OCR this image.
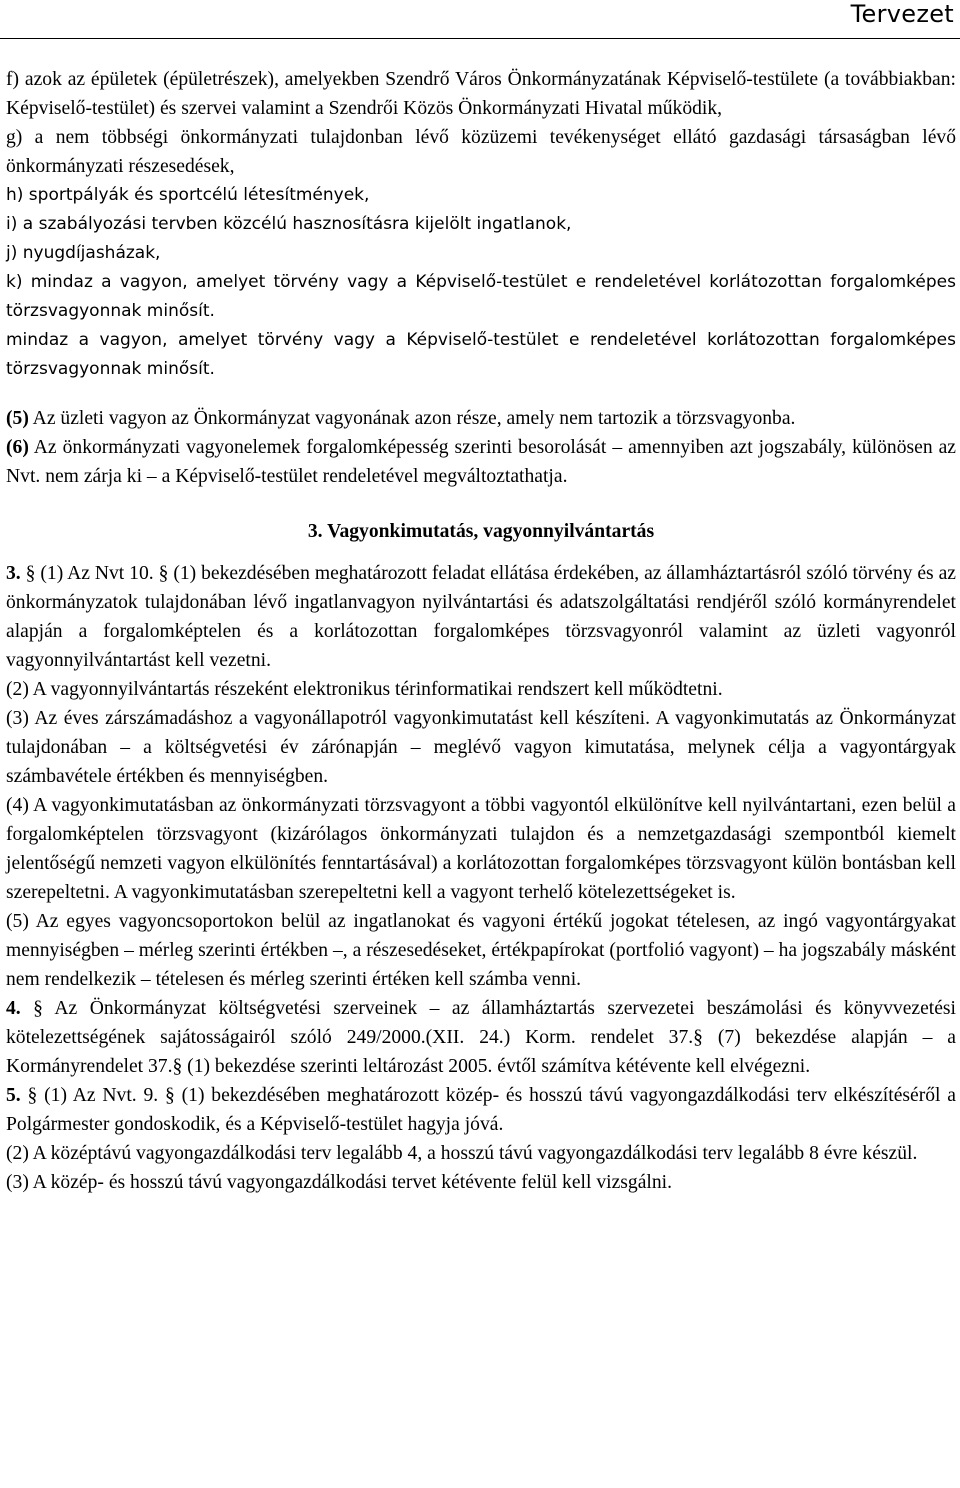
Tervezet

f) azok az épületek (épületrészek), amelyekben Szendrő Város Önkormányzatának Képviselő-testülete (a továbbiakban: Képviselő-testület) és szervei valamint a Szendrői Közös Önkormányzati Hivatal működik,

g) a nem többségi önkormányzati tulajdonban lévő közüzemi tevékenységet ellátó gazdasági társaságban lévő önkormányzati részesedések,

h) sportpályák és sportcélú létesítmények,

i) a szabályozási tervben közcélú hasznosításra kijelölt ingatlanok,

j) nyugdíjasházak,

k) mindaz a vagyon, amelyet törvény vagy a Képviselő-testület e rendeletével korlátozottan forgalomképes törzsvagyonnak minősít.

mindaz a vagyon, amelyet törvény vagy a Képviselő-testület e rendeletével korlátozottan forgalomképes törzsvagyonnak minősít.

(5) Az üzleti vagyon az Önkormányzat vagyonának azon része, amely nem tartozik a törzsvagyonba.

(6) Az önkormányzati vagyonelemek forgalomképesség szerinti besorolását – amennyiben azt jogszabály, különösen az Nvt. nem zárja ki – a Képviselő-testület rendeletével megváltoztathatja.

3. Vagyonkimutatás, vagyonnyilvántartás

3. § (1) Az Nvt 10. § (1) bekezdésében meghatározott feladat ellátása érdekében, az államháztartásról szóló törvény és az önkormányzatok tulajdonában lévő ingatlanvagyon nyilvántartási és adatszolgáltatási rendjéről szóló kormányrendelet alapján a forgalomképtelen és a korlátozottan forgalomképes törzsvagyonról valamint az üzleti vagyonról vagyonnyilvántartást kell vezetni.

(2) A vagyonnyilvántartás részeként elektronikus térinformatikai rendszert kell működtetni.

(3) Az éves zárszámadáshoz a vagyonállapotról vagyonkimutatást kell készíteni. A vagyonkimutatás az Önkormányzat tulajdonában – a költségvetési év zárónapján – meglévő vagyon kimutatása, melynek célja a vagyontárgyak számbavétele értékben és mennyiségben.

(4) A vagyonkimutatásban az önkormányzati törzsvagyont a többi vagyontól elkülönítve kell nyilvántartani, ezen belül a forgalomképtelen törzsvagyont (kizárólagos önkormányzati tulajdon és a nemzetgazdasági szempontból kiemelt jelentőségű nemzeti vagyon elkülönítés fenntartásával) a korlátozottan forgalomképes törzsvagyont külön bontásban kell szerepeltetni. A vagyonkimutatásban szerepeltetni kell a vagyont terhelő kötelezettségeket is.

(5) Az egyes vagyoncsoportokon belül az ingatlanokat és vagyoni értékű jogokat tételesen, az ingó vagyontárgyakat mennyiségben – mérleg szerinti értékben –, a részesedéseket, értékpapírokat (portfolió vagyont) – ha jogszabály másként nem rendelkezik – tételesen és mérleg szerinti értéken kell számba venni.

4. § Az Önkormányzat költségvetési szerveinek – az államháztartás szervezetei beszámolási és könyvvezetési kötelezettségének sajátosságairól szóló 249/2000.(XII. 24.) Korm. rendelet 37.§ (7) bekezdése alapján – a Kormányrendelet 37.§ (1) bekezdése szerinti leltározást 2005. évtől számítva kétévente kell elvégezni.

5. § (1) Az Nvt. 9. § (1) bekezdésében meghatározott közép- és hosszú távú vagyongazdálkodási terv elkészítéséről a Polgármester gondoskodik, és a Képviselő-testület hagyja jóvá.

(2) A középtávú vagyongazdálkodási terv legalább 4, a hosszú távú vagyongazdálkodási terv legalább 8 évre készül.

(3) A közép- és hosszú távú vagyongazdálkodási tervet kétévente felül kell vizsgálni.
